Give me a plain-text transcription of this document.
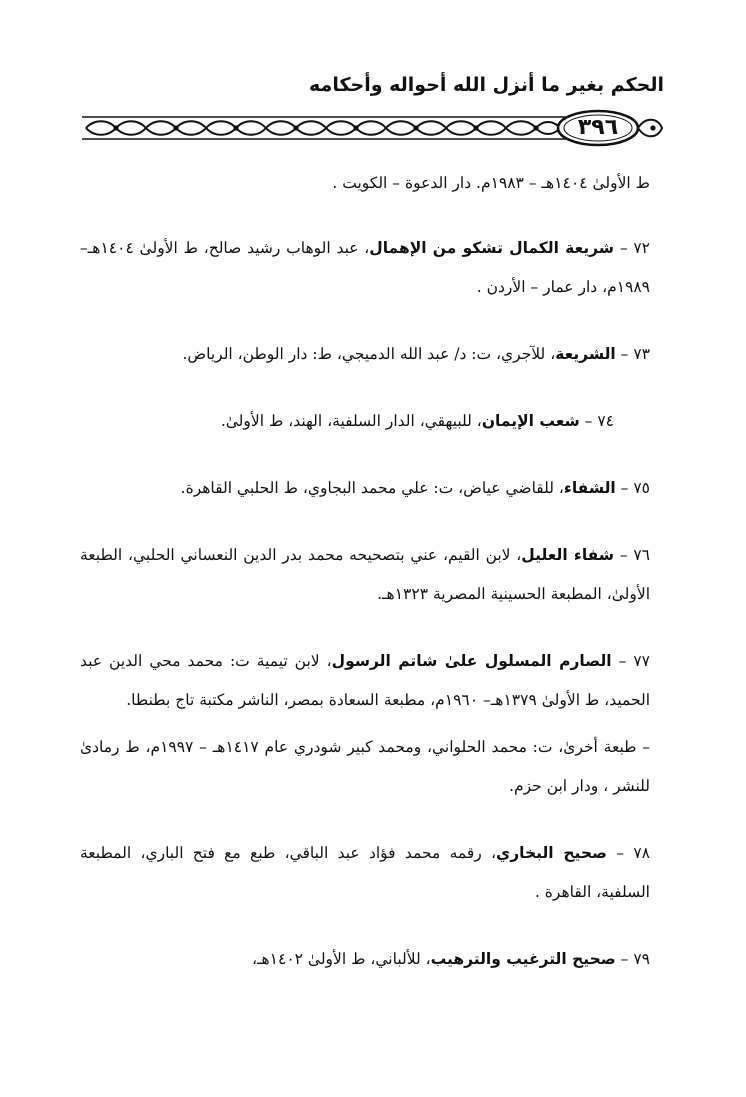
الحكم بغير ما أنزل الله أحواله وأحكامه
٣٩٦

ط الأولىٰ ١٤٠٤هـ – ١٩٨٣م. دار الدعوة – الكويت .

٧٢ – شريعة الكمال تشكو من الإهمال، عبد الوهاب رشيد صالح، ط الأولىٰ ١٤٠٤هـ– ١٩٨٩م، دار عمار – الأردن .

٧٣ – الشريعة، للآجري، ت: د/ عبد الله الدميجي، ط: دار الوطن، الرياض.

٧٤ – شعب الإيمان، للبيهقي، الدار السلفية، الهند، ط الأولىٰ.

٧٥ – الشفاء، للقاضي عياض، ت: علي محمد البجاوي، ط الحلبي القاهرة.

٧٦ – شفاء العليل، لابن القيم، عني بتصحيحه محمد بدر الدين النعساني الحلبي، الطبعة الأولىٰ، المطبعة الحسينية المصرية ١٣٢٣هـ.

٧٧ – الصارم المسلول علىٰ شاتم الرسول، لابن تيمية ت: محمد محي الدين عبد الحميد، ط الأولىٰ ١٣٧٩هـ– ١٩٦٠م، مطبعة السعادة بمصر، الناشر مكتبة تاج بطنطا.

– طبعة أخرىٰ، ت: محمد الحلواني، ومحمد كبير شودري عام ١٤١٧هـ – ١٩٩٧م، ط رمادىٰ للنشر ، ودار ابن حزم.

٧٨ – صحيح البخاري، رقمه محمد فؤاد عبد الباقي، طبع مع فتح الباري، المطبعة السلفية، القاهرة .

٧٩ – صحيح الترغيب والترهيب، للألباني، ط الأولىٰ ١٤٠٢هـ،
